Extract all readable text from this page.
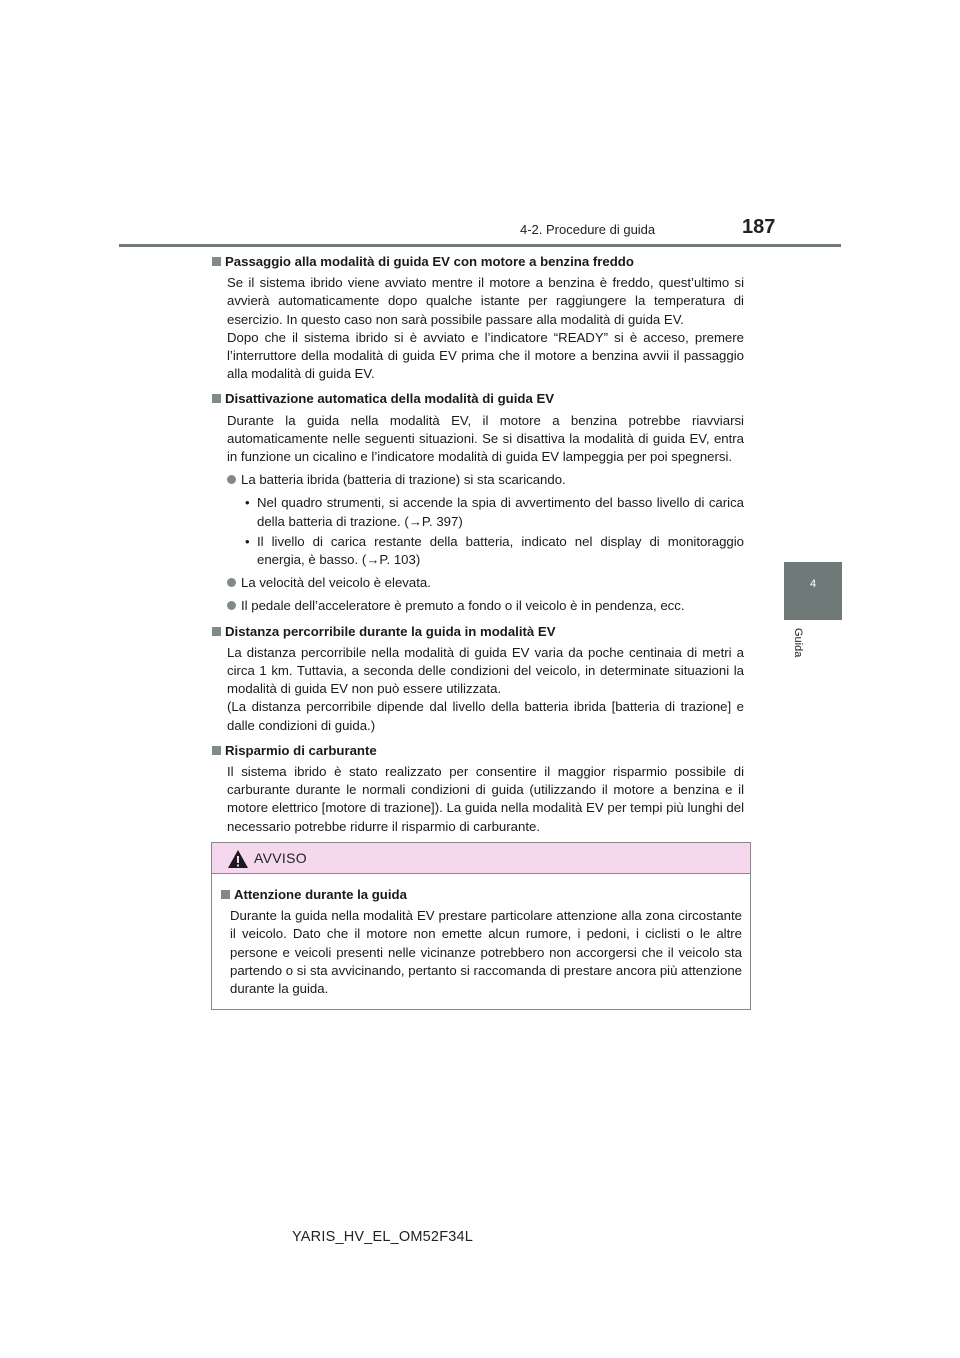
4-2. Procedure di guida	187
4
Guida
Passaggio alla modalità di guida EV con motore a benzina freddo
Se il sistema ibrido viene avviato mentre il motore a benzina è freddo, quest’ultimo si avvierà automaticamente dopo qualche istante per raggiungere la temperatura di esercizio. In questo caso non sarà possibile passare alla modalità di guida EV.
Dopo che il sistema ibrido si è avviato e l’indicatore “READY” si è acceso, premere l’interruttore della modalità di guida EV prima che il motore a benzina avvii il passaggio alla modalità di guida EV.
Disattivazione automatica della modalità di guida EV
Durante la guida nella modalità EV, il motore a benzina potrebbe riavviarsi automaticamente nelle seguenti situazioni. Se si disattiva la modalità di guida EV, entra in funzione un cicalino e l’indicatore modalità di guida EV lampeggia per poi spegnersi.
La batteria ibrida (batteria di trazione) si sta scaricando.
• Nel quadro strumenti, si accende la spia di avvertimento del basso livello di carica della batteria di trazione. (→P. 397)
• Il livello di carica restante della batteria, indicato nel display di monitoraggio energia, è basso. (→P. 103)
La velocità del veicolo è elevata.
Il pedale dell’acceleratore è premuto a fondo o il veicolo è in pendenza, ecc.
Distanza percorribile durante la guida in modalità EV
La distanza percorribile nella modalità di guida EV varia da poche centinaia di metri a circa 1 km. Tuttavia, a seconda delle condizioni del veicolo, in determinate situazioni la modalità di guida EV non può essere utilizzata.
(La distanza percorribile dipende dal livello della batteria ibrida [batteria di trazione] e dalle condizioni di guida.)
Risparmio di carburante
Il sistema ibrido è stato realizzato per consentire il maggior risparmio possibile di carburante durante le normali condizioni di guida (utilizzando il motore a benzina e il motore elettrico [motore di trazione]). La guida nella modalità EV per tempi più lunghi del necessario potrebbe ridurre il risparmio di carburante.
AVVISO
Attenzione durante la guida
Durante la guida nella modalità EV prestare particolare attenzione alla zona circostante il veicolo. Dato che il motore non emette alcun rumore, i pedoni, i ciclisti o le altre persone e veicoli presenti nelle vicinanze potrebbero non accorgersi che il veicolo sta partendo o si sta avvicinando, pertanto si raccomanda di prestare ancora più attenzione durante la guida.
YARIS_HV_EL_OM52F34L
